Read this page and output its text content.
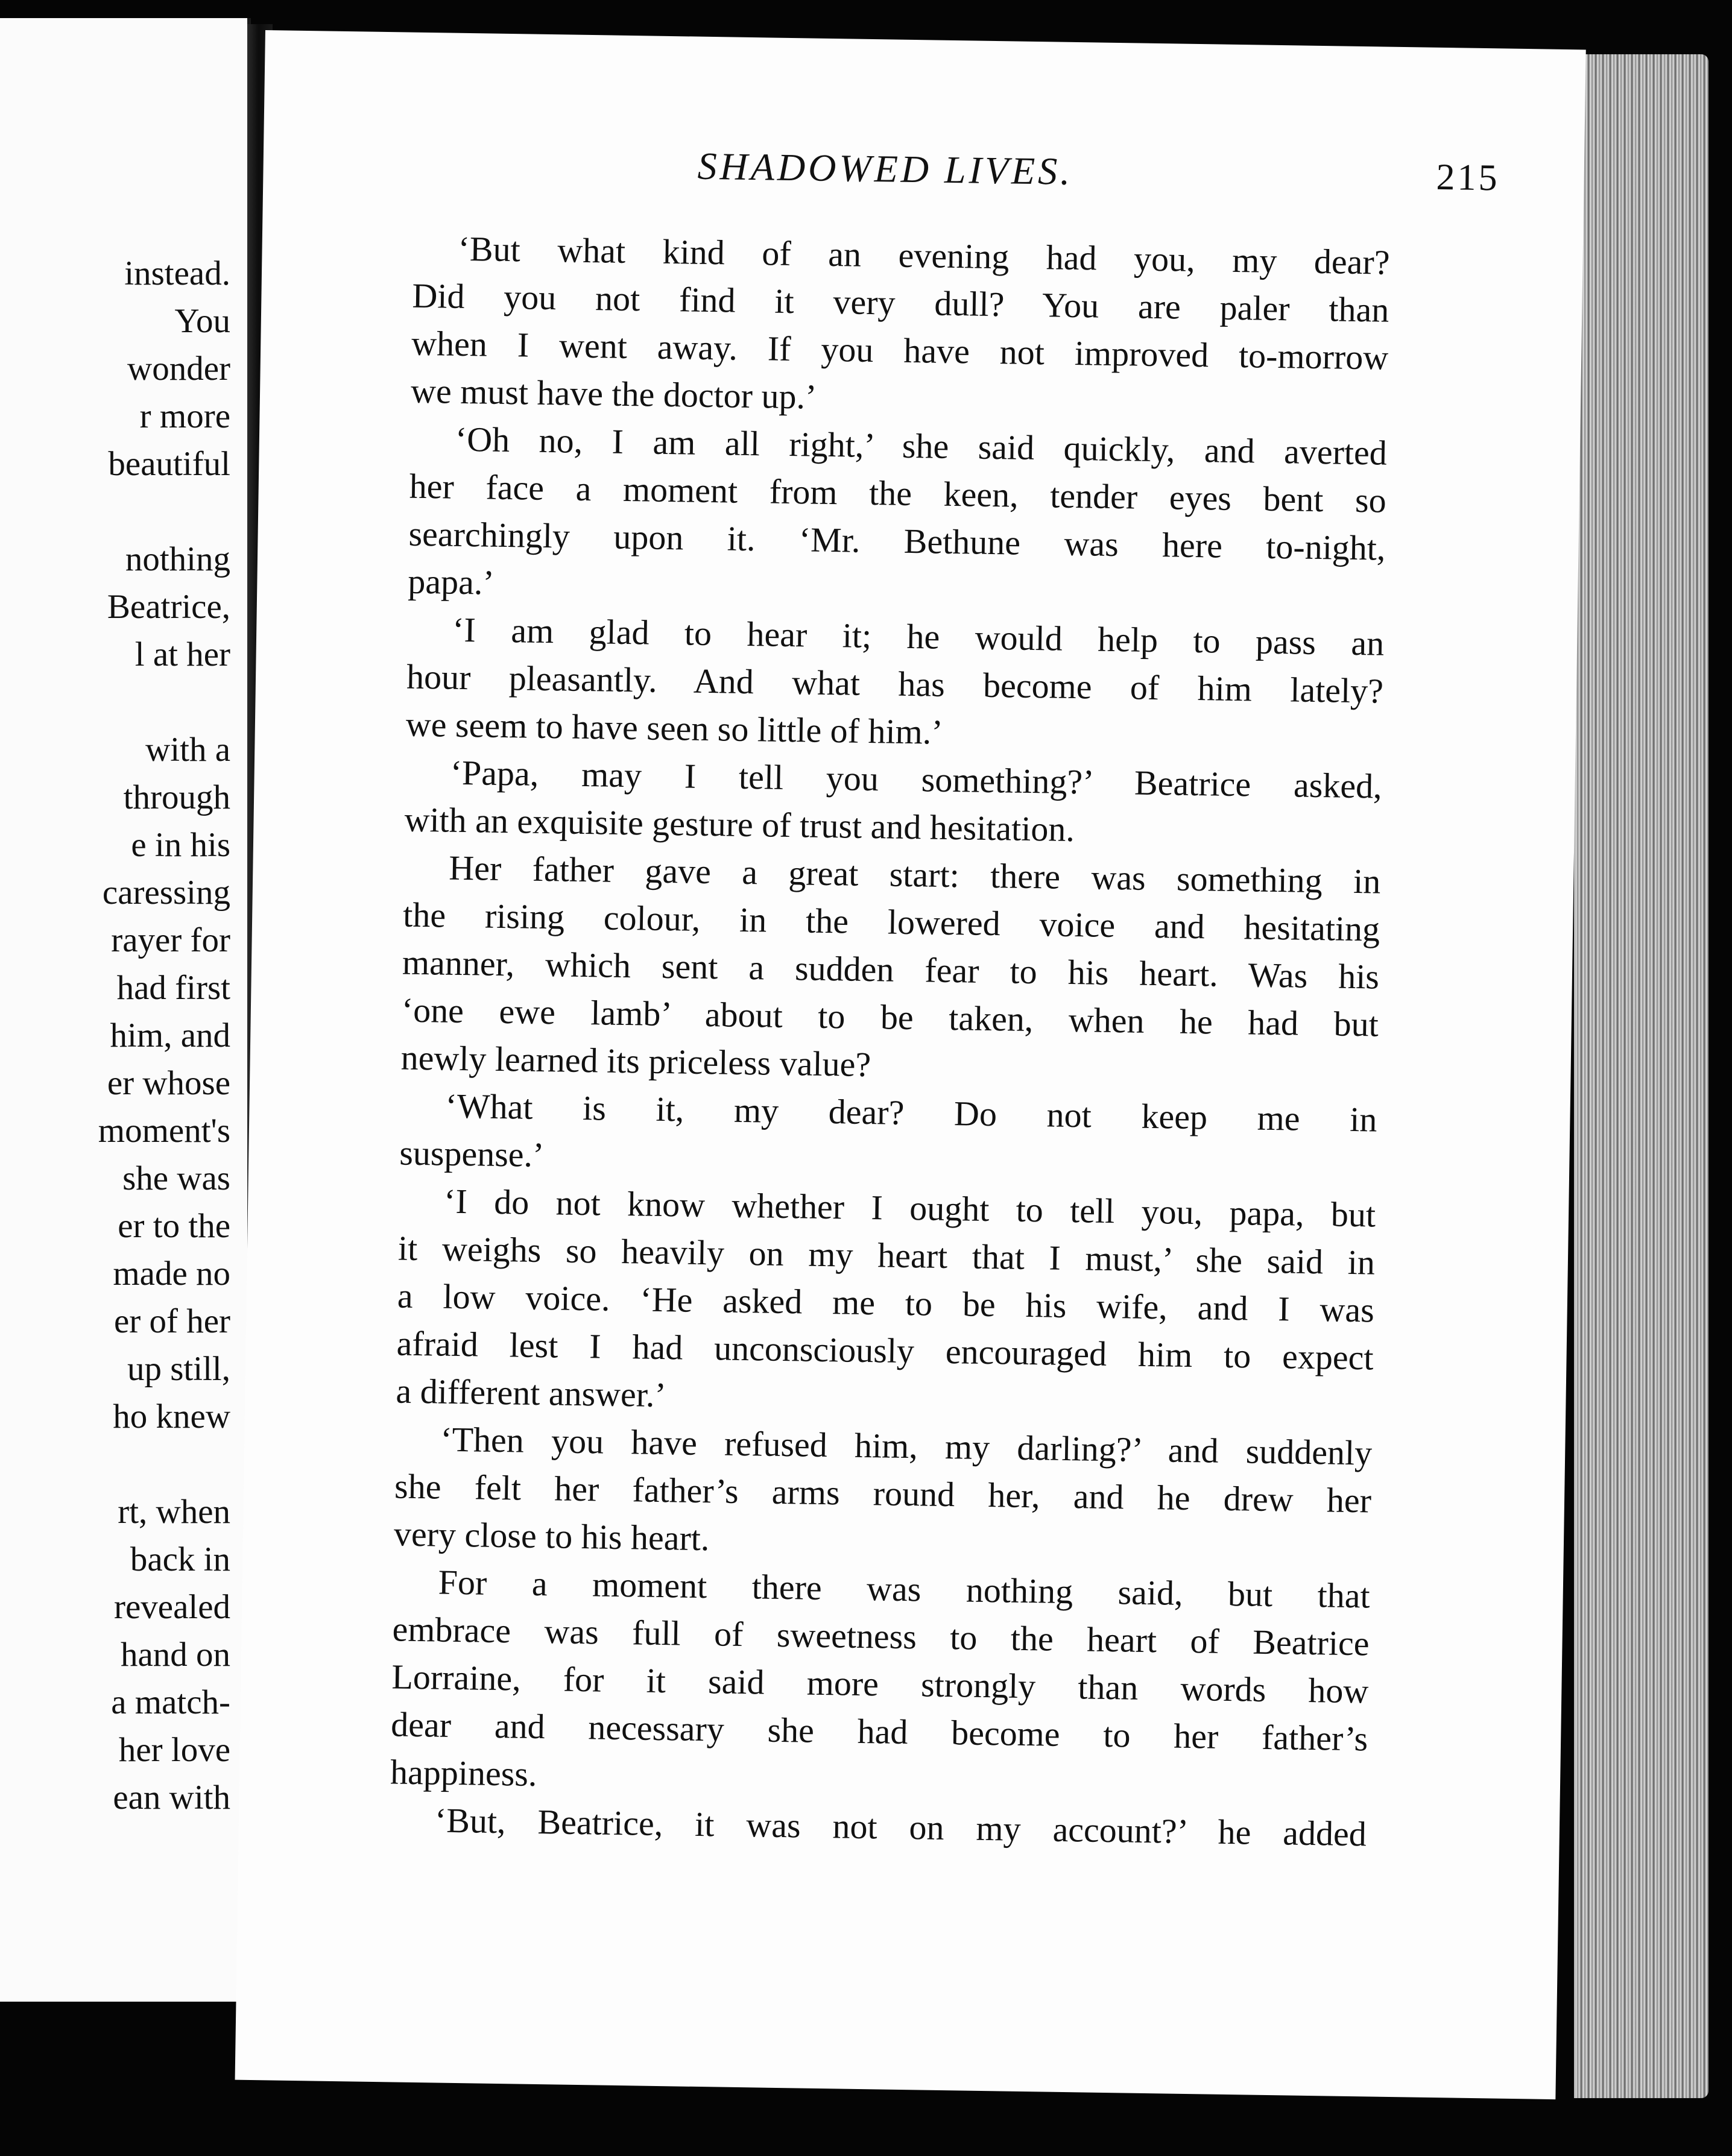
instead.
You
wonder
r more
beautiful
nothing
Beatrice,
l at her
with a
through
e in his
caressing
rayer for
had first
him, and
er whose
moment's
she was
er to the
made no
er of her
up still,
ho knew
rt, when
back in
revealed
hand on
a match-
her love
ean with
SHADOWED LIVES.	215
‘But what kind of an evening had you, my dear?
Did you not find it very dull? You are paler than
when I went away. If you have not improved to-morrow
we must have the doctor up.’
‘Oh no, I am all right,’ she said quickly, and averted
her face a moment from the keen, tender eyes bent so
searchingly upon it. ‘Mr. Bethune was here to-night,
papa.’
‘I am glad to hear it; he would help to pass an
hour pleasantly. And what has become of him lately?
we seem to have seen so little of him.’
‘Papa, may I tell you something?’ Beatrice asked,
with an exquisite gesture of trust and hesitation.
Her father gave a great start: there was something in
the rising colour, in the lowered voice and hesitating
manner, which sent a sudden fear to his heart. Was his
‘one ewe lamb’ about to be taken, when he had but
newly learned its priceless value?
‘What is it, my dear? Do not keep me in
suspense.’
‘I do not know whether I ought to tell you, papa, but
it weighs so heavily on my heart that I must,’ she said in
a low voice. ‘He asked me to be his wife, and I was
afraid lest I had unconsciously encouraged him to expect
a different answer.’
‘Then you have refused him, my darling?’ and suddenly
she felt her father’s arms round her, and he drew her
very close to his heart.
For a moment there was nothing said, but that
embrace was full of sweetness to the heart of Beatrice
Lorraine, for it said more strongly than words how
dear and necessary she had become to her father’s
happiness.
‘But, Beatrice, it was not on my account?’ he added
